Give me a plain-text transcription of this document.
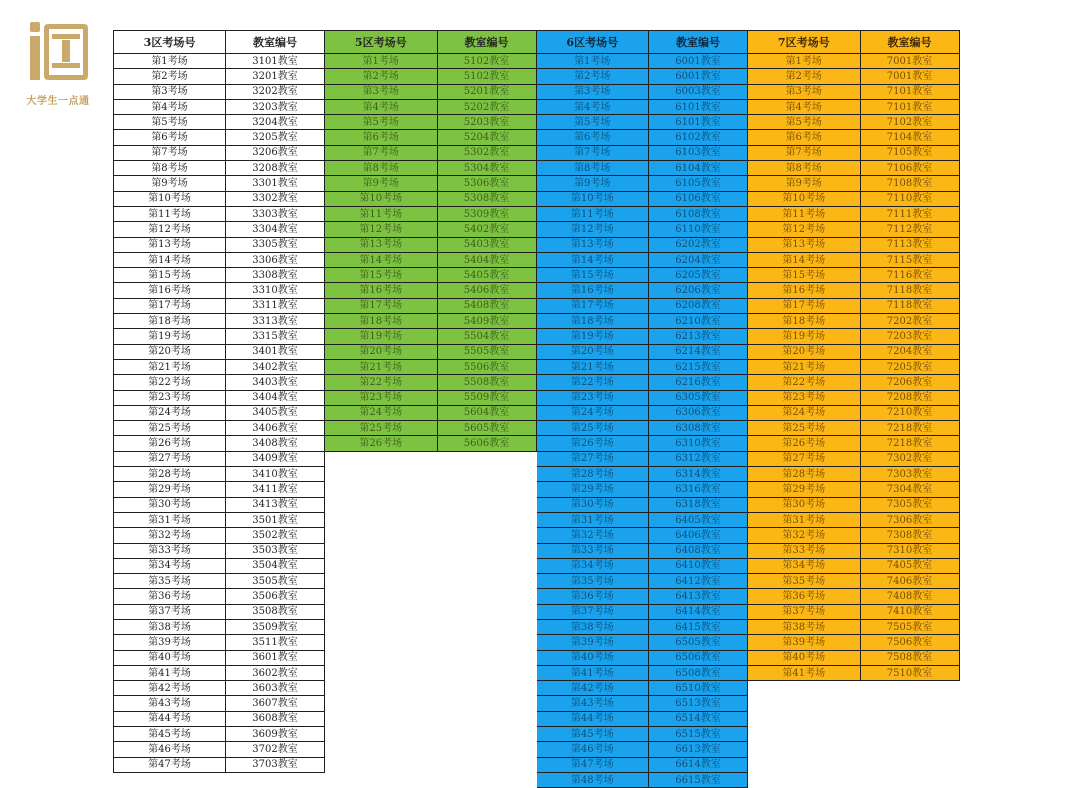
大学生一点通
3区考场号	教室编号
第1考场	3101教室
第2考场	3201教室
第3考场	3202教室
第4考场	3203教室
第5考场	3204教室
第6考场	3205教室
第7考场	3206教室
第8考场	3208教室
第9考场	3301教室
第10考场	3302教室
第11考场	3303教室
第12考场	3304教室
第13考场	3305教室
第14考场	3306教室
第15考场	3308教室
第16考场	3310教室
第17考场	3311教室
第18考场	3313教室
第19考场	3315教室
第20考场	3401教室
第21考场	3402教室
第22考场	3403教室
第23考场	3404教室
第24考场	3405教室
第25考场	3406教室
第26考场	3408教室
第27考场	3409教室
第28考场	3410教室
第29考场	3411教室
第30考场	3413教室
第31考场	3501教室
第32考场	3502教室
第33考场	3503教室
第34考场	3504教室
第35考场	3505教室
第36考场	3506教室
第37考场	3508教室
第38考场	3509教室
第39考场	3511教室
第40考场	3601教室
第41考场	3602教室
第42考场	3603教室
第43考场	3607教室
第44考场	3608教室
第45考场	3609教室
第46考场	3702教室
第47考场	3703教室
5区考场号	教室编号
第1考场	5102教室
第2考场	5102教室
第3考场	5201教室
第4考场	5202教室
第5考场	5203教室
第6考场	5204教室
第7考场	5302教室
第8考场	5304教室
第9考场	5306教室
第10考场	5308教室
第11考场	5309教室
第12考场	5402教室
第13考场	5403教室
第14考场	5404教室
第15考场	5405教室
第16考场	5406教室
第17考场	5408教室
第18考场	5409教室
第19考场	5504教室
第20考场	5505教室
第21考场	5506教室
第22考场	5508教室
第23考场	5509教室
第24考场	5604教室
第25考场	5605教室
第26考场	5606教室
6区考场号	教室编号
第1考场	6001教室
第2考场	6001教室
第3考场	6003教室
第4考场	6101教室
第5考场	6101教室
第6考场	6102教室
第7考场	6103教室
第8考场	6104教室
第9考场	6105教室
第10考场	6106教室
第11考场	6108教室
第12考场	6110教室
第13考场	6202教室
第14考场	6204教室
第15考场	6205教室
第16考场	6206教室
第17考场	6208教室
第18考场	6210教室
第19考场	6213教室
第20考场	6214教室
第21考场	6215教室
第22考场	6216教室
第23考场	6305教室
第24考场	6306教室
第25考场	6308教室
第26考场	6310教室
第27考场	6312教室
第28考场	6314教室
第29考场	6316教室
第30考场	6318教室
第31考场	6405教室
第32考场	6406教室
第33考场	6408教室
第34考场	6410教室
第35考场	6412教室
第36考场	6413教室
第37考场	6414教室
第38考场	6415教室
第39考场	6505教室
第40考场	6506教室
第41考场	6508教室
第42考场	6510教室
第43考场	6513教室
第44考场	6514教室
第45考场	6515教室
第46考场	6613教室
第47考场	6614教室
第48考场	6615教室
7区考场号	教室编号
第1考场	7001教室
第2考场	7001教室
第3考场	7101教室
第4考场	7101教室
第5考场	7102教室
第6考场	7104教室
第7考场	7105教室
第8考场	7106教室
第9考场	7108教室
第10考场	7110教室
第11考场	7111教室
第12考场	7112教室
第13考场	7113教室
第14考场	7115教室
第15考场	7116教室
第16考场	7118教室
第17考场	7118教室
第18考场	7202教室
第19考场	7203教室
第20考场	7204教室
第21考场	7205教室
第22考场	7206教室
第23考场	7208教室
第24考场	7210教室
第25考场	7218教室
第26考场	7218教室
第27考场	7302教室
第28考场	7303教室
第29考场	7304教室
第30考场	7305教室
第31考场	7306教室
第32考场	7308教室
第33考场	7310教室
第34考场	7405教室
第35考场	7406教室
第36考场	7408教室
第37考场	7410教室
第38考场	7505教室
第39考场	7506教室
第40考场	7508教室
第41考场	7510教室
